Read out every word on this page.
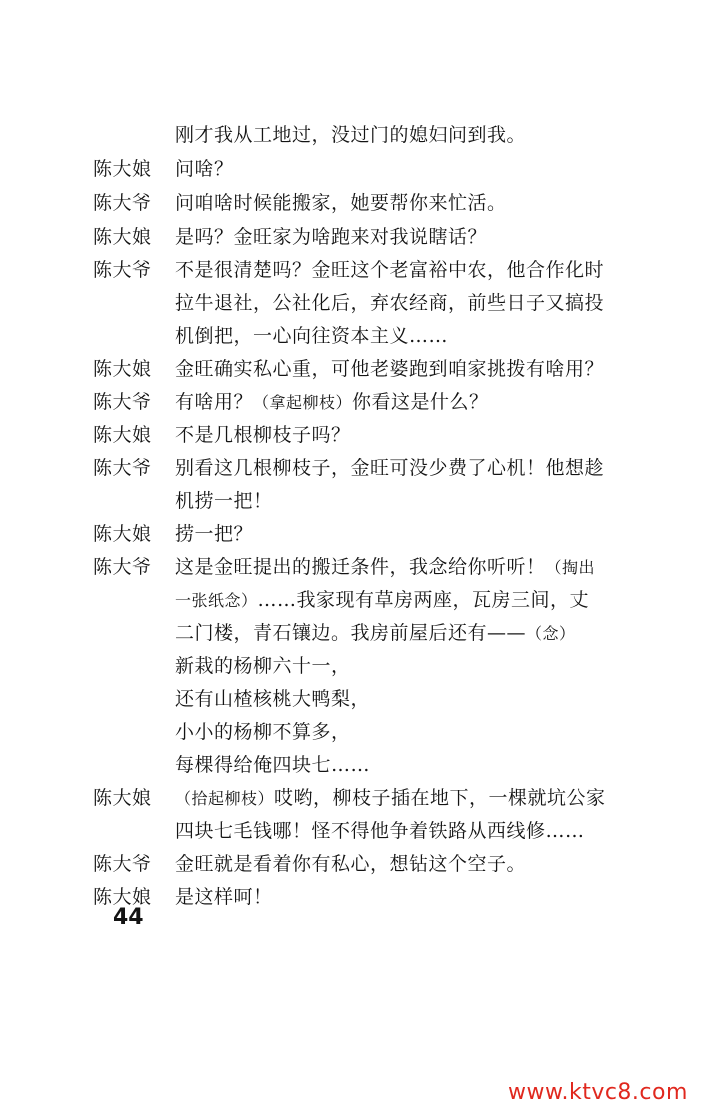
刚才我从工地过，没过门的媳妇问到我。
陈大娘 问啥？
陈大爷 问咱啥时候能搬家，她要帮你来忙活。
陈大娘 是吗？金旺家为啥跑来对我说瞎话？
陈大爷 不是很清楚吗？金旺这个老富裕中农，他合作化时
拉牛退社，公社化后，弃农经商，前些日子又搞投
机倒把，一心向往资本主义……
陈大娘 金旺确实私心重，可他老婆跑到咱家挑拨有啥用？
陈大爷 有啥用？（拿起柳枝）你看这是什么？
陈大娘 不是几根柳枝子吗？
陈大爷 别看这几根柳枝子，金旺可没少费了心机！他想趁
机捞一把！
陈大娘 捞一把？
陈大爷 这是金旺提出的搬迁条件，我念给你听听！（掏出
一张纸念）……我家现有草房两座，瓦房三间，丈
二门楼，青石镶边。我房前屋后还有——（念）
新栽的杨柳六十一，
还有山楂核桃大鸭梨，
小小的杨柳不算多，
每棵得给俺四块七……
陈大娘 （拾起柳枝）哎哟，柳枝子插在地下，一棵就坑公家
四块七毛钱哪！怪不得他争着铁路从西线修……
陈大爷 金旺就是看着你有私心，想钻这个空子。
陈大娘 是这样呵！
44
www.ktvc8.com
